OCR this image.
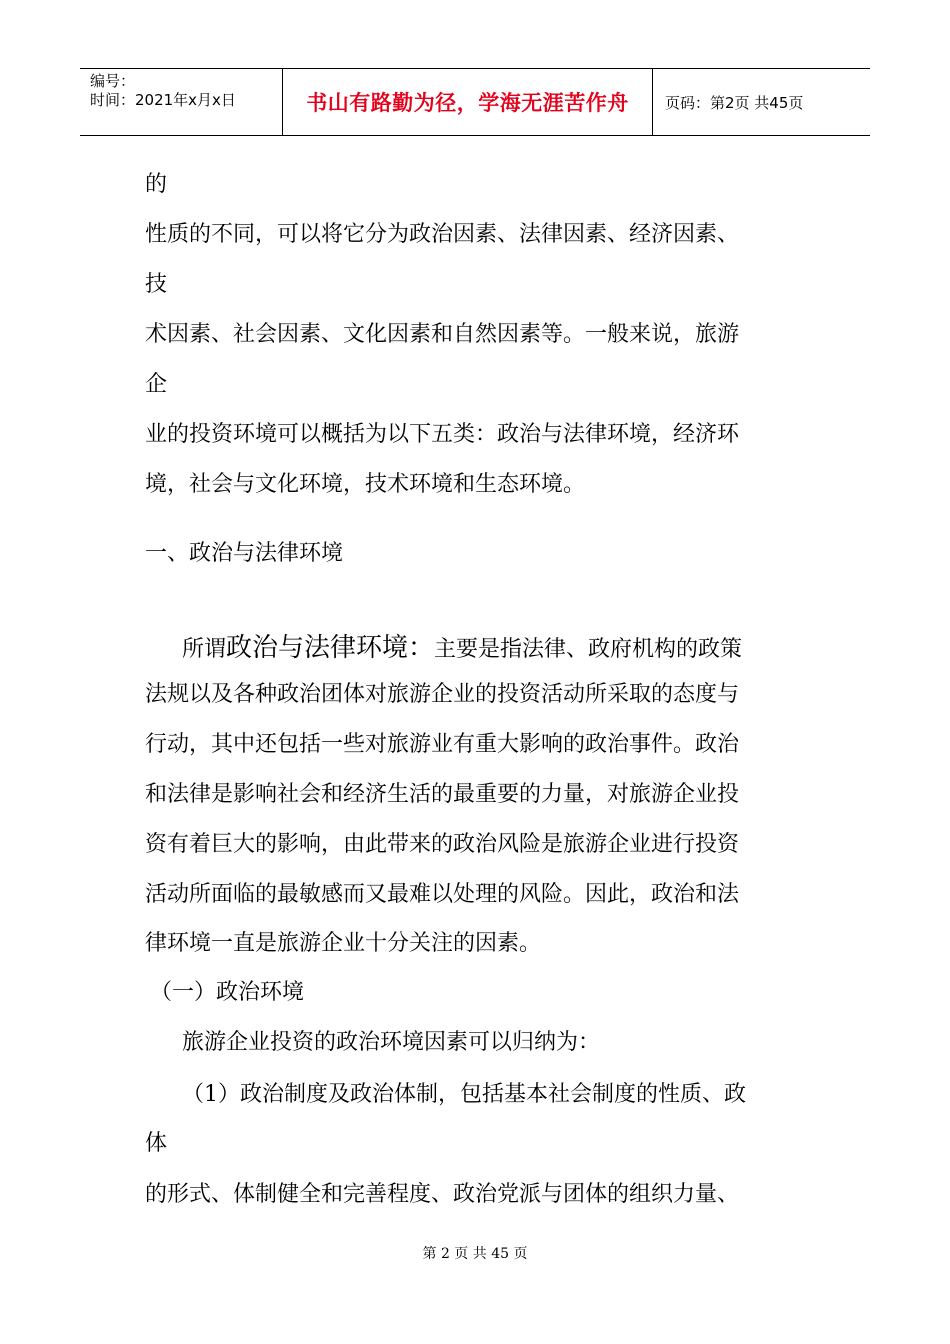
编号：
时间：2021年x月x日	书山有路勤为径，学海无涯苦作舟	页码：第2页 共45页
的
性质的不同，可以将它分为政治因素、法律因素、经济因素、
技
术因素、社会因素、文化因素和自然因素等。一般来说，旅游
企
业的投资环境可以概括为以下五类：政治与法律环境，经济环
境，社会与文化环境，技术环境和生态环境。
一、政治与法律环境
所谓政治与法律环境：主要是指法律、政府机构的政策
法规以及各种政治团体对旅游企业的投资活动所采取的态度与
行动，其中还包括一些对旅游业有重大影响的政治事件。政治
和法律是影响社会和经济生活的最重要的力量，对旅游企业投
资有着巨大的影响，由此带来的政治风险是旅游企业进行投资
活动所面临的最敏感而又最难以处理的风险。因此，政治和法
律环境一直是旅游企业十分关注的因素。
（一）政治环境
旅游企业投资的政治环境因素可以归纳为：
（1）政治制度及政治体制，包括基本社会制度的性质、政
体
的形式、体制健全和完善程度、政治党派与团体的组织力量、
第 2 页 共 45 页
